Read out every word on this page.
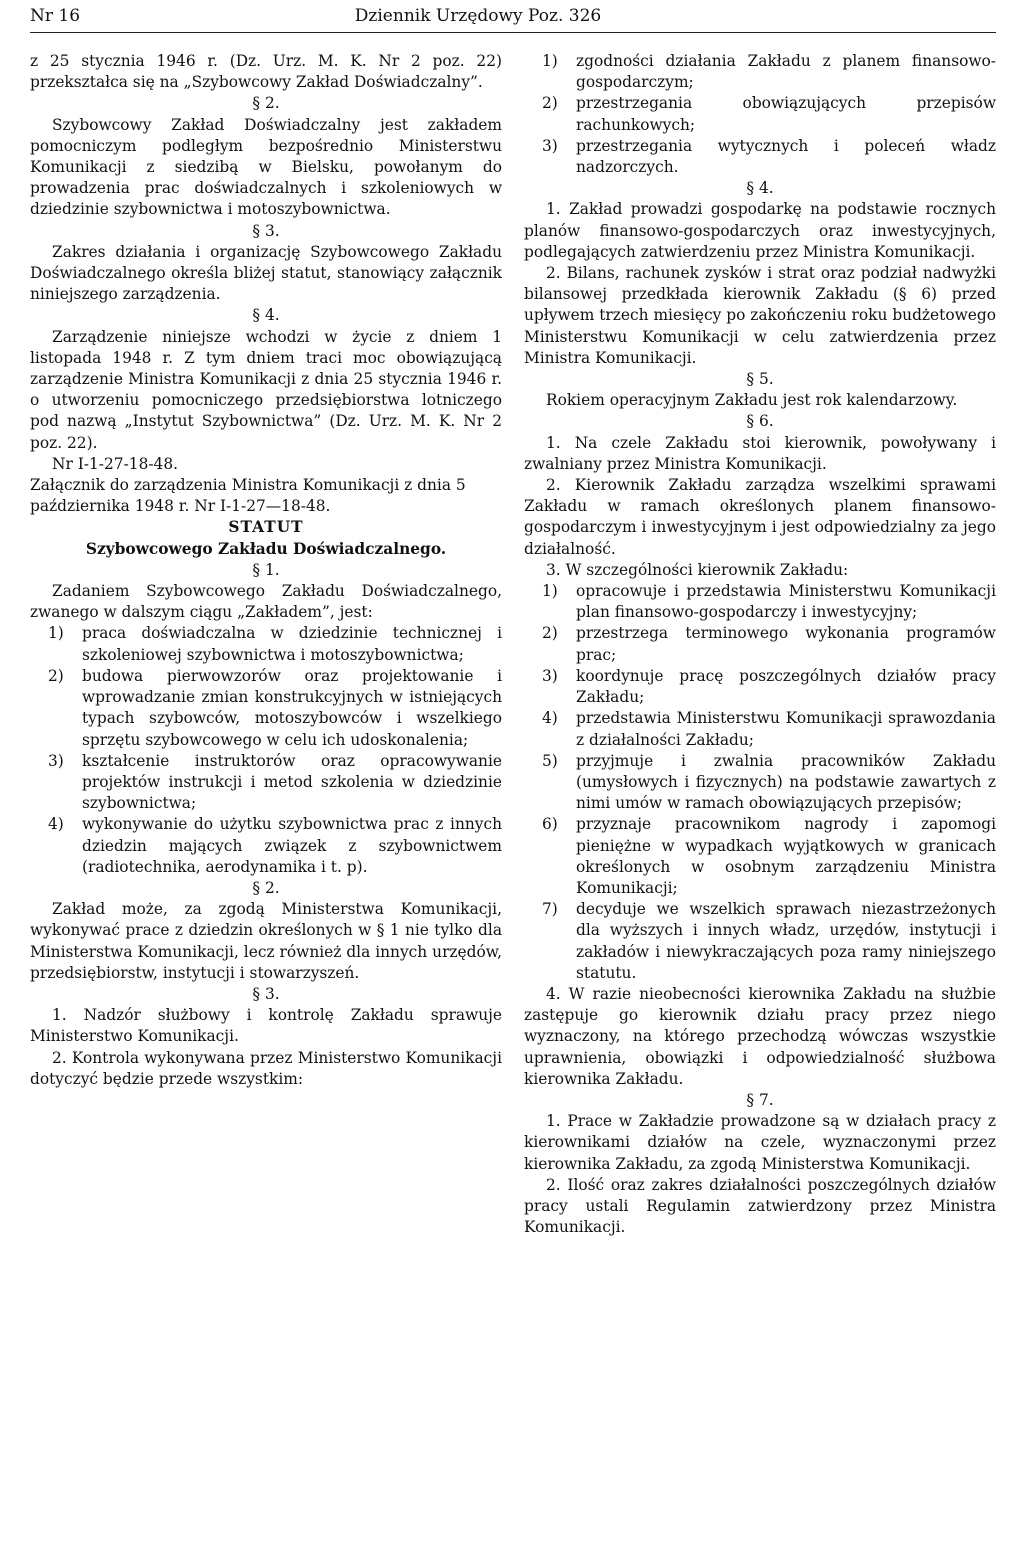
Nr 16	Dziennik Urzędowy Poz. 326

z 25 stycznia 1946 r. (Dz. Urz. M. K. Nr 2 poz. 22) przekształca się na „Szybowcowy Zakład Doświadczalny”.

§ 2.

Szybowcowy Zakład Doświadczalny jest zakładem pomocniczym podległym bezpośrednio Ministerstwu Komunikacji z siedzibą w Bielsku, powołanym do prowadzenia prac doświadczalnych i szkoleniowych w dziedzinie szybownictwa i motoszybownictwa.

§ 3.

Zakres działania i organizację Szybowcowego Zakładu Doświadczalnego określa bliżej statut, stanowiący załącznik niniejszego zarządzenia.

§ 4.

Zarządzenie niniejsze wchodzi w życie z dniem 1 listopada 1948 r. Z tym dniem traci moc obowiązującą zarządzenie Ministra Komunikacji z dnia 25 stycznia 1946 r. o utworzeniu pomocniczego przedsiębiorstwa lotniczego pod nazwą „Instytut Szybownictwa” (Dz. Urz. M. K. Nr 2 poz. 22).

Nr I-1-27-18-48.

Załącznik do zarządzenia Ministra Komunikacji z dnia 5 października 1948 r. Nr I-1-27—18-48.

STATUT

Szybowcowego Zakładu Doświadczalnego.

§ 1.

Zadaniem Szybowcowego Zakładu Doświadczalnego, zwanego w dalszym ciągu „Zakładem”, jest:

1)	praca doświadczalna w dziedzinie technicznej i szkoleniowej szybownictwa i motoszybownictwa;
2)	budowa pierwowzorów oraz projektowanie i wprowadzanie zmian konstrukcyjnych w istniejących typach szybowców, motoszybowców i wszelkiego sprzętu szybowcowego w celu ich udoskonalenia;
3)	kształcenie instruktorów oraz opracowywanie projektów instrukcji i metod szkolenia w dziedzinie szybownictwa;
4)	wykonywanie do użytku szybownictwa prac z innych dziedzin mających związek z szybownictwem (radiotechnika, aerodynamika i t. p).

§ 2.

Zakład może, za zgodą Ministerstwa Komunikacji, wykonywać prace z dziedzin określonych w § 1 nie tylko dla Ministerstwa Komunikacji, lecz również dla innych urzędów, przedsiębiorstw, instytucji i stowarzyszeń.

§ 3.

1. Nadzór służbowy i kontrolę Zakładu sprawuje Ministerstwo Komunikacji.

2. Kontrola wykonywana przez Ministerstwo Komunikacji dotyczyć będzie przede wszystkim:

1)	zgodności działania Zakładu z planem finansowo-gospodarczym;
2)	przestrzegania obowiązujących przepisów rachunkowych;
3)	przestrzegania wytycznych i poleceń władz nadzorczych.

§ 4.

1. Zakład prowadzi gospodarkę na podstawie rocznych planów finansowo-gospodarczych oraz inwestycyjnych, podlegających zatwierdzeniu przez Ministra Komunikacji.

2. Bilans, rachunek zysków i strat oraz podział nadwyżki bilansowej przedkłada kierownik Zakładu (§ 6) przed upływem trzech miesięcy po zakończeniu roku budżetowego Ministerstwu Komunikacji w celu zatwierdzenia przez Ministra Komunikacji.

§ 5.

Rokiem operacyjnym Zakładu jest rok kalendarzowy.

§ 6.

1. Na czele Zakładu stoi kierownik, powoływany i zwalniany przez Ministra Komunikacji.

2. Kierownik Zakładu zarządza wszelkimi sprawami Zakładu w ramach określonych planem finansowo-gospodarczym i inwestycyjnym i jest odpowiedzialny za jego działalność.

3. W szczególności kierownik Zakładu:

1)	opracowuje i przedstawia Ministerstwu Komunikacji plan finansowo-gospodarczy i inwestycyjny;
2)	przestrzega terminowego wykonania programów prac;
3)	koordynuje pracę poszczególnych działów pracy Zakładu;
4)	przedstawia Ministerstwu Komunikacji sprawozdania z działalności Zakładu;
5)	przyjmuje i zwalnia pracowników Zakładu (umysłowych i fizycznych) na podstawie zawartych z nimi umów w ramach obowiązujących przepisów;
6)	przyznaje pracownikom nagrody i zapomogi pieniężne w wypadkach wyjątkowych w granicach określonych w osobnym zarządzeniu Ministra Komunikacji;
7)	decyduje we wszelkich sprawach niezastrzeżonych dla wyższych i innych władz, urzędów, instytucji i zakładów i niewykraczających poza ramy niniejszego statutu.

4. W razie nieobecności kierownika Zakładu na służbie zastępuje go kierownik działu pracy przez niego wyznaczony, na którego przechodzą wówczas wszystkie uprawnienia, obowiązki i odpowiedzialność służbowa kierownika Zakładu.

§ 7.

1. Prace w Zakładzie prowadzone są w działach pracy z kierownikami działów na czele, wyznaczonymi przez kierownika Zakładu, za zgodą Ministerstwa Komunikacji.

2. Ilość oraz zakres działalności poszczególnych działów pracy ustali Regulamin zatwierdzony przez Ministra Komunikacji.
